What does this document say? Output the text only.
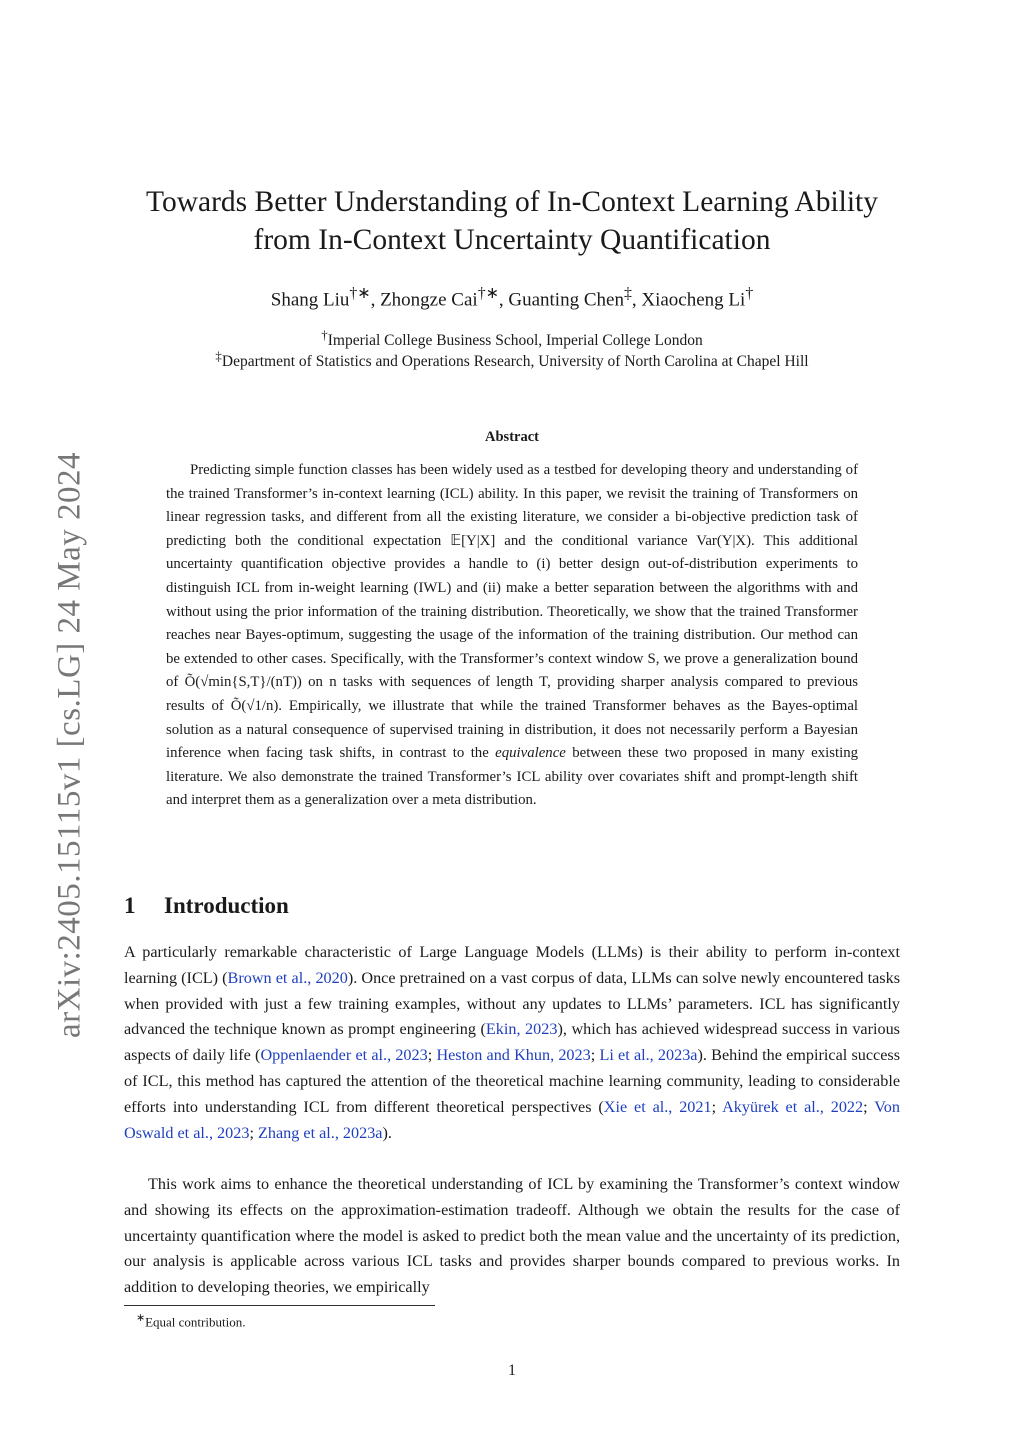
arXiv:2405.15115v1 [cs.LG] 24 May 2024
Towards Better Understanding of In-Context Learning Ability
from In-Context Uncertainty Quantification
Shang Liu†∗, Zhongze Cai†∗, Guanting Chen‡, Xiaocheng Li†
†Imperial College Business School, Imperial College London
‡Department of Statistics and Operations Research, University of North Carolina at Chapel Hill
Abstract

Predicting simple function classes has been widely used as a testbed for developing theory and understanding of the trained Transformer’s in-context learning (ICL) ability. In this paper, we revisit the training of Transformers on linear regression tasks, and different from all the existing literature, we consider a bi-objective prediction task of predicting both the conditional expectation 𝔼[Y|X] and the conditional variance Var(Y|X). This additional uncertainty quantification objective provides a handle to (i) better design out-of-distribution experiments to distinguish ICL from in-weight learning (IWL) and (ii) make a better separation between the algorithms with and without using the prior information of the training distribution. Theoretically, we show that the trained Transformer reaches near Bayes-optimum, suggesting the usage of the information of the training distribution. Our method can be extended to other cases. Specifically, with the Transformer’s context window S, we prove a generalization bound of Õ(√min{S,T}/(nT)) on n tasks with sequences of length T, providing sharper analysis compared to previous results of Õ(√1/n). Empirically, we illustrate that while the trained Transformer behaves as the Bayes-optimal solution as a natural consequence of supervised training in distribution, it does not necessarily perform a Bayesian inference when facing task shifts, in contrast to the equivalence between these two proposed in many existing literature. We also demonstrate the trained Transformer’s ICL ability over covariates shift and prompt-length shift and interpret them as a generalization over a meta distribution.

1 Introduction

A particularly remarkable characteristic of Large Language Models (LLMs) is their ability to perform in-context learning (ICL) (Brown et al., 2020). Once pretrained on a vast corpus of data, LLMs can solve newly encountered tasks when provided with just a few training examples, without any updates to LLMs’ parameters. ICL has significantly advanced the technique known as prompt engineering (Ekin, 2023), which has achieved widespread success in various aspects of daily life (Oppenlaender et al., 2023; Heston and Khun, 2023; Li et al., 2023a). Behind the empirical success of ICL, this method has captured the attention of the theoretical machine learning community, leading to considerable efforts into understanding ICL from different theoretical perspectives (Xie et al., 2021; Akyürek et al., 2022; Von Oswald et al., 2023; Zhang et al., 2023a).

This work aims to enhance the theoretical understanding of ICL by examining the Transformer’s context window and showing its effects on the approximation-estimation tradeoff. Although we obtain the results for the case of uncertainty quantification where the model is asked to predict both the mean value and the uncertainty of its prediction, our analysis is applicable across various ICL tasks and provides sharper bounds compared to previous works. In addition to developing theories, we empirically

∗Equal contribution.
1
